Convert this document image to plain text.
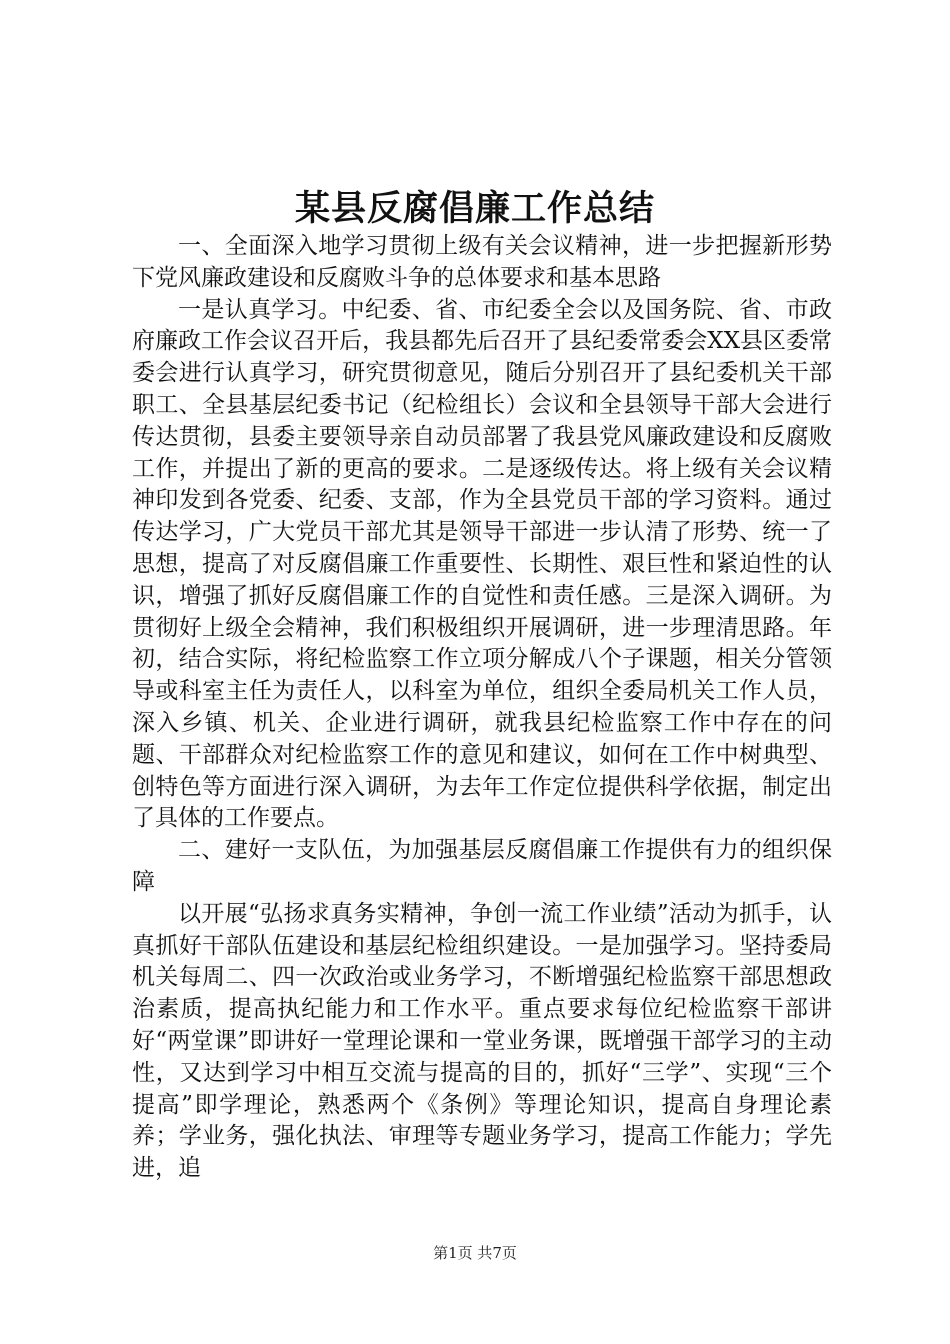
某县反腐倡廉工作总结

一、全面深入地学习贯彻上级有关会议精神，进一步把握新形势下党风廉政建设和反腐败斗争的总体要求和基本思路

一是认真学习。中纪委、省、市纪委全会以及国务院、省、市政府廉政工作会议召开后，我县都先后召开了县纪委常委会XX县区委常委会进行认真学习，研究贯彻意见，随后分别召开了县纪委机关干部职工、全县基层纪委书记（纪检组长）会议和全县领导干部大会进行传达贯彻，县委主要领导亲自动员部署了我县党风廉政建设和反腐败工作，并提出了新的更高的要求。二是逐级传达。将上级有关会议精神印发到各党委、纪委、支部，作为全县党员干部的学习资料。通过传达学习，广大党员干部尤其是领导干部进一步认清了形势、统一了思想，提高了对反腐倡廉工作重要性、长期性、艰巨性和紧迫性的认识，增强了抓好反腐倡廉工作的自觉性和责任感。三是深入调研。为贯彻好上级全会精神，我们积极组织开展调研，进一步理清思路。年初，结合实际，将纪检监察工作立项分解成八个子课题，相关分管领导或科室主任为责任人，以科室为单位，组织全委局机关工作人员，深入乡镇、机关、企业进行调研，就我县纪检监察工作中存在的问题、干部群众对纪检监察工作的意见和建议，如何在工作中树典型、创特色等方面进行深入调研，为去年工作定位提供科学依据，制定出了具体的工作要点。

二、建好一支队伍，为加强基层反腐倡廉工作提供有力的组织保障

以开展“弘扬求真务实精神，争创一流工作业绩”活动为抓手，认真抓好干部队伍建设和基层纪检组织建设。一是加强学习。坚持委局机关每周二、四一次政治或业务学习，不断增强纪检监察干部思想政治素质，提高执纪能力和工作水平。重点要求每位纪检监察干部讲好“两堂课”即讲好一堂理论课和一堂业务课，既增强干部学习的主动性，又达到学习中相互交流与提高的目的，抓好“三学”、实现“三个提高”即学理论，熟悉两个《条例》等理论知识，提高自身理论素养；学业务，强化执法、审理等专题业务学习，提高工作能力；学先进，追

第1页 共7页
